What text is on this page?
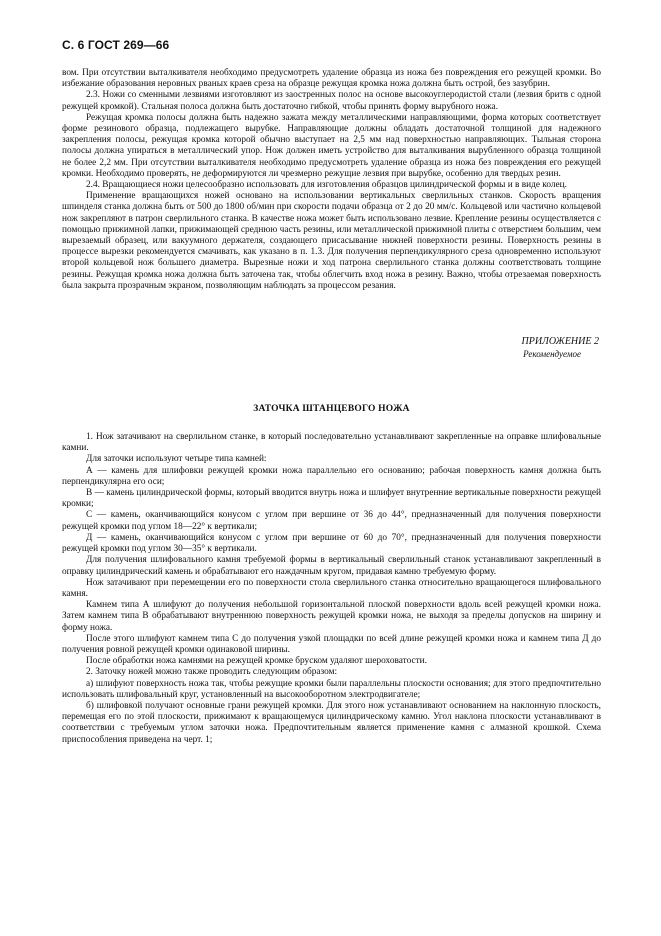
С. 6 ГОСТ 269—66

вом. При отсутствии выталкивателя необходимо предусмотреть удаление образца из ножа без повреждения его режущей кромки. Во избежание образования неровных рваных краев среза на образце режущая кромка ножа должна быть острой, без зазубрин.

2.3. Ножи со сменными лезвиями изготовляют из заостренных полос на основе высокоуглеродистой стали (лезвия бритв с одной режущей кромкой). Стальная полоса должна быть достаточно гибкой, чтобы принять форму вырубного ножа.

Режущая кромка полосы должна быть надежно зажата между металлическими направляющими, форма которых соответствует форме резинового образца, подлежащего вырубке. Направляющие должны обладать достаточной толщиной для надежного закрепления полосы, режущая кромка которой обычно выступает на 2,5 мм над поверхностью направляющих. Тыльная сторона полосы должна упираться в металлический упор. Нож должен иметь устройство для выталкивания вырубленного образца толщиной не более 2,2 мм. При отсутствии выталкивателя необходимо предусмотреть удаление образца из ножа без повреждения его режущей кромки. Необходимо проверять, не деформируются ли чрезмерно режущие лезвия при вырубке, особенно для твердых резин.

2.4. Вращающиеся ножи целесообразно использовать для изготовления образцов цилиндрической формы и в виде колец.

Применение вращающихся ножей основано на использовании вертикальных сверлильных станков. Скорость вращения шпинделя станка должна быть от 500 до 1800 об/мин при скорости подачи образца от 2 до 20 мм/с. Кольцевой или частично кольцевой нож закрепляют в патрон сверлильного станка. В качестве ножа может быть использовано лезвие. Крепление резины осуществляется с помощью прижимной лапки, прижимающей среднюю часть резины, или металлической прижимной плиты с отверстием большим, чем вырезаемый образец, или вакуумного держателя, создающего присасывание нижней поверхности резины. Поверхность резины в процессе вырезки рекомендуется смачивать, как указано в п. 1.3. Для получения перпендикулярного среза одновременно используют второй кольцевой нож большего диаметра. Вырезные ножи и ход патрона сверлильного станка должны соответствовать толщине резины. Режущая кромка ножа должна быть заточена так, чтобы облегчить вход ножа в резину. Важно, чтобы отрезаемая поверхность была закрыта прозрачным экраном, позволяющим наблюдать за процессом резания.

ПРИЛОЖЕНИЕ 2
Рекомендуемое
ЗАТОЧКА ШТАНЦЕВОГО НОЖА

1. Нож затачивают на сверлильном станке, в который последовательно устанавливают закрепленные на оправке шлифовальные камни.

Для заточки используют четыре типа камней:

А — камень для шлифовки режущей кромки ножа параллельно его основанию; рабочая поверхность камня должна быть перпендикулярна его оси;

В — камень цилиндрической формы, который вводится внутрь ножа и шлифует внутренние вертикальные поверхности режущей кромки;

С — камень, оканчивающийся конусом с углом при вершине от 36 до 44°, предназначенный для получения поверхности режущей кромки под углом 18—22° к вертикали;

Д — камень, оканчивающийся конусом с углом при вершине от 60 до 70°, предназначенный для получения поверхности режущей кромки под углом 30—35° к вертикали.

Для получения шлифовального камня требуемой формы в вертикальный сверлильный станок устанавливают закрепленный в оправку цилиндрический камень и обрабатывают его наждачным кругом, придавая камню требуемую форму.

Нож затачивают при перемещении его по поверхности стола сверлильного станка относительно вращающегося шлифовального камня.

Камнем типа А шлифуют до получения небольшой горизонтальной плоской поверхности вдоль всей режущей кромки ножа. Затем камнем типа В обрабатывают внутреннюю поверхность режущей кромки ножа, не выходя за пределы допусков на ширину и форму ножа.

После этого шлифуют камнем типа С до получения узкой площадки по всей длине режущей кромки ножа и камнем типа Д до получения ровной режущей кромки одинаковой ширины.

После обработки ножа камнями на режущей кромке бруском удаляют шероховатости.

2. Заточку ножей можно также проводить следующим образом:

а) шлифуют поверхность ножа так, чтобы режущие кромки были параллельны плоскости основания; для этого предпочтительно использовать шлифовальный круг, установленный на высокооборотном электродвигателе;

б) шлифовкой получают основные грани режущей кромки. Для этого нож устанавливают основанием на наклонную плоскость, перемещая его по этой плоскости, прижимают к вращающемуся цилиндрическому камню. Угол наклона плоскости устанавливают в соответствии с требуемым углом заточки ножа. Предпочтительным является применение камня с алмазной крошкой. Схема приспособления приведена на черт. 1;
